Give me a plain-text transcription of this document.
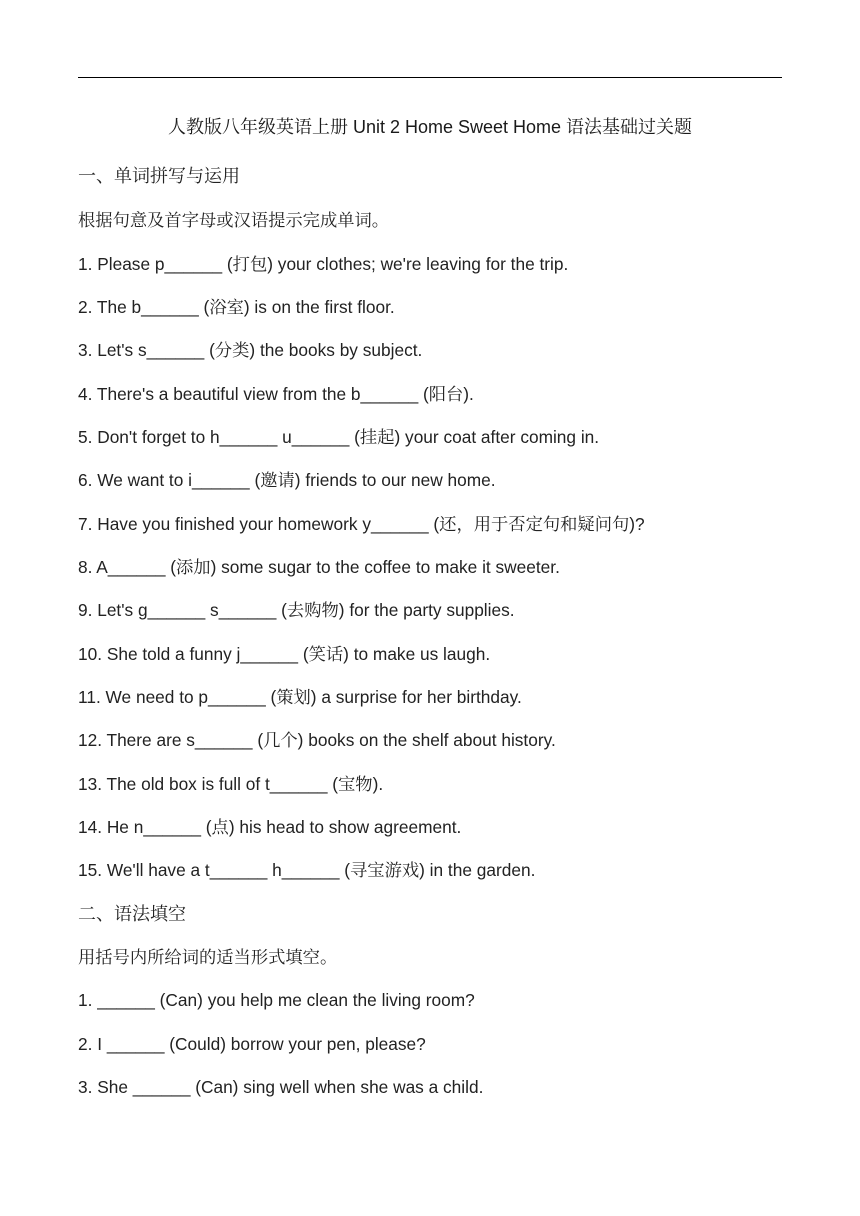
人教版八年级英语上册 Unit 2 Home Sweet Home 语法基础过关题
一、单词拼写与运用
根据句意及首字母或汉语提示完成单词。
1. Please p______ (打包) your clothes; we're leaving for the trip.
2. The b______ (浴室) is on the first floor.
3. Let's s______ (分类) the books by subject.
4. There's a beautiful view from the b______ (阳台).
5. Don't forget to h______ u______ (挂起) your coat after coming in.
6. We want to i______ (邀请) friends to our new home.
7. Have you finished your homework y______ (还，用于否定句和疑问句)?
8. A______ (添加) some sugar to the coffee to make it sweeter.
9. Let's g______ s______ (去购物) for the party supplies.
10. She told a funny j______ (笑话) to make us laugh.
11. We need to p______ (策划) a surprise for her birthday.
12. There are s______ (几个) books on the shelf about history.
13. The old box is full of t______ (宝物).
14. He n______ (点) his head to show agreement.
15. We'll have a t______ h______ (寻宝游戏) in the garden.
二、语法填空
用括号内所给词的适当形式填空。
1. ______ (Can) you help me clean the living room?
2. I ______ (Could) borrow your pen, please?
3. She ______ (Can) sing well when she was a child.
